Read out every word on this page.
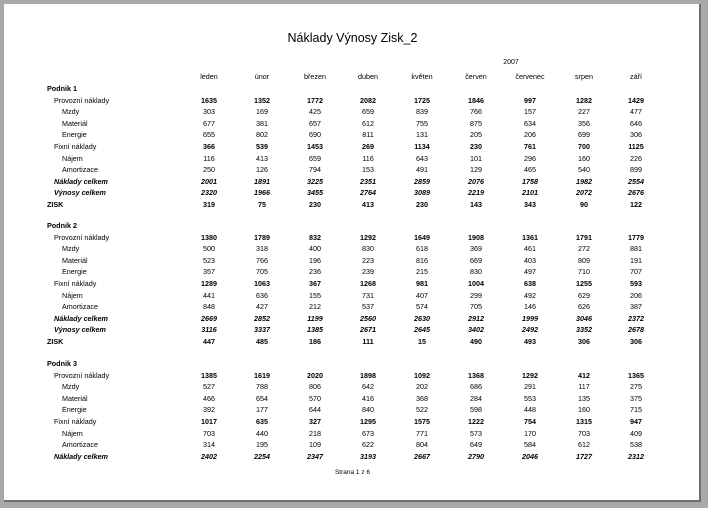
Náklady Výnosy Zisk_2
2007
leden	únor	březen	duben	květen	červen	červenec	srpen	září
Podnik 1
Provozní náklady	1635	1352	1772	2082	1725	1846	997	1282	1429
Mzdy	303	169	425	659	839	766	157	227	477
Materiál	677	381	657	612	755	875	634	356	646
Energie	655	802	690	811	131	205	206	699	306
Fixní náklady	366	539	1453	269	1134	230	761	700	1125
Nájem	116	413	659	116	643	101	296	160	226
Amortizace	250	126	794	153	491	129	465	540	899
Náklady celkem	2001	1891	3225	2351	2859	2076	1758	1982	2554
Výnosy celkem	2320	1966	3455	2764	3089	2219	2101	2072	2676
ZISK	319	75	230	413	230	143	343	90	122
Podnik 2
Provozní náklady	1380	1789	832	1292	1649	1908	1361	1791	1779
Mzdy	500	318	400	830	618	369	461	272	881
Materiál	523	766	196	223	816	669	403	809	191
Energie	357	705	236	239	215	830	497	710	707
Fixní náklady	1289	1063	367	1268	981	1004	638	1255	593
Nájem	441	636	155	731	407	299	492	629	206
Amortizace	848	427	212	537	574	705	146	626	387
Náklady celkem	2669	2852	1199	2560	2630	2912	1999	3046	2372
Výnosy celkem	3116	3337	1385	2671	2645	3402	2492	3352	2678
ZISK	447	485	186	111	15	490	493	306	306
Podnik 3
Provozní náklady	1385	1619	2020	1898	1092	1368	1292	412	1365
Mzdy	527	788	806	642	202	686	291	117	275
Materiál	466	654	570	416	368	284	553	135	375
Energie	392	177	644	840	522	598	448	160	715
Fixní náklady	1017	635	327	1295	1575	1222	754	1315	947
Nájem	703	440	218	673	771	573	170	703	409
Amortizace	314	195	109	622	804	649	584	612	538
Náklady celkem	2402	2254	2347	3193	2667	2790	2046	1727	2312
Strana 1 z 6
